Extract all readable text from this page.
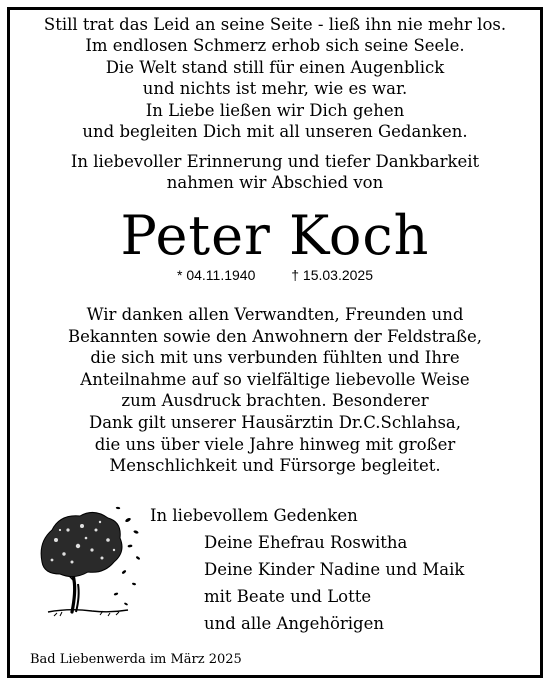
Still trat das Leid an seine Seite - ließ ihn nie mehr los.
Im endlosen Schmerz erhob sich seine Seele.
Die Welt stand still für einen Augenblick
und nichts ist mehr, wie es war.
In Liebe ließen wir Dich gehen
und begleiten Dich mit all unseren Gedanken.
In liebevoller Erinnerung und tiefer Dankbarkeit
nahmen wir Abschied von
Peter Koch
* 04.11.1940	† 15.03.2025
Wir danken allen Verwandten, Freunden und
Bekannten sowie den Anwohnern der Feldstraße,
die sich mit uns verbunden fühlten und Ihre
Anteilnahme auf so vielfältige liebevolle Weise
zum Ausdruck brachten. Besonderer
Dank gilt unserer Hausärztin Dr.C.Schlahsa,
die uns über viele Jahre hinweg mit großer
Menschlichkeit und Fürsorge begleitet.
In liebevollem Gedenken
Deine Ehefrau Roswitha
Deine Kinder Nadine und Maik
mit Beate und Lotte
und alle Angehörigen
Bad Liebenwerda im März 2025
